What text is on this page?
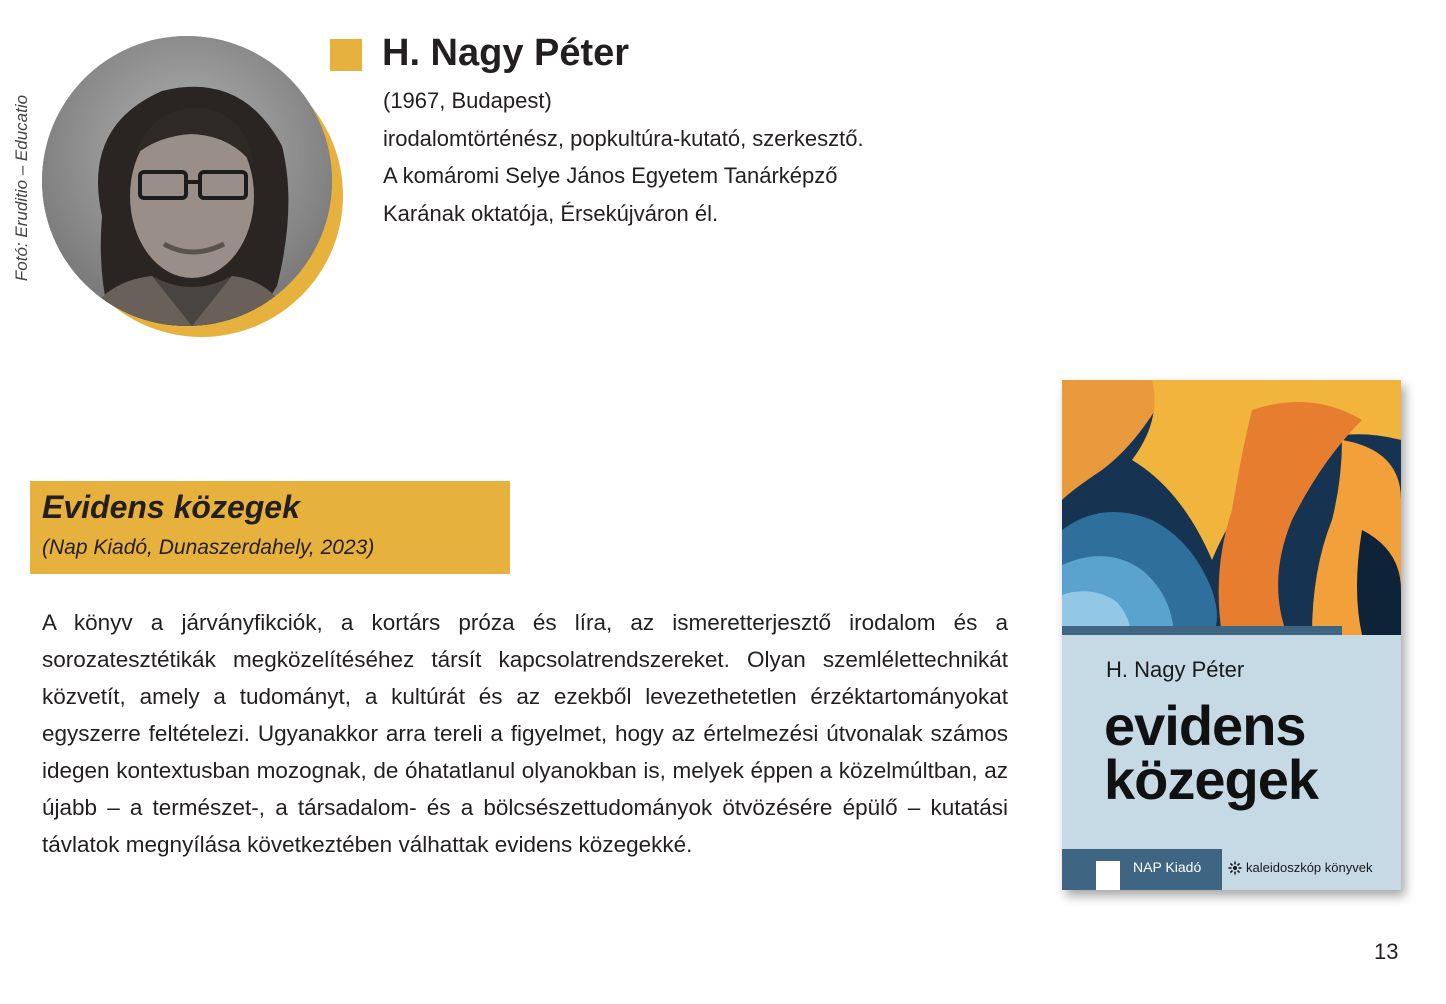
Fotó: Eruditio – Educatio
H. Nagy Péter
(1967, Budapest)
irodalomtörténész, popkultúra-kutató, szerkesztő.
A komáromi Selye János Egyetem Tanárképző
Karának oktatója, Érsekújváron él.
Evidens közegek
(Nap Kiadó, Dunaszerdahely, 2023)
A könyv a járványfikciók, a kortárs próza és líra, az ismeretterjesztő irodalom és a sorozatesztétikák megközelítéséhez társít kapcsolatrendszereket. Olyan szemlélettechnikát közvetít, amely a tudományt, a kultúrát és az ezekből levezethetetlen érzéktartományokat egyszerre feltételezi. Ugyanakkor arra tereli a figyelmet, hogy az értelmezési útvonalak számos idegen kontextusban mozognak, de óhatatlanul olyanokban is, melyek éppen a közelmúltban, az újabb – a természet-, a társadalom- és a bölcsészettudományok ötvözésére épülő – kutatási távlatok megnyílása következtében válhattak evidens közegekké.
H. Nagy Péter
evidens
közegek
NAP Kiadó	kaleidoszkóp könyvek
13
